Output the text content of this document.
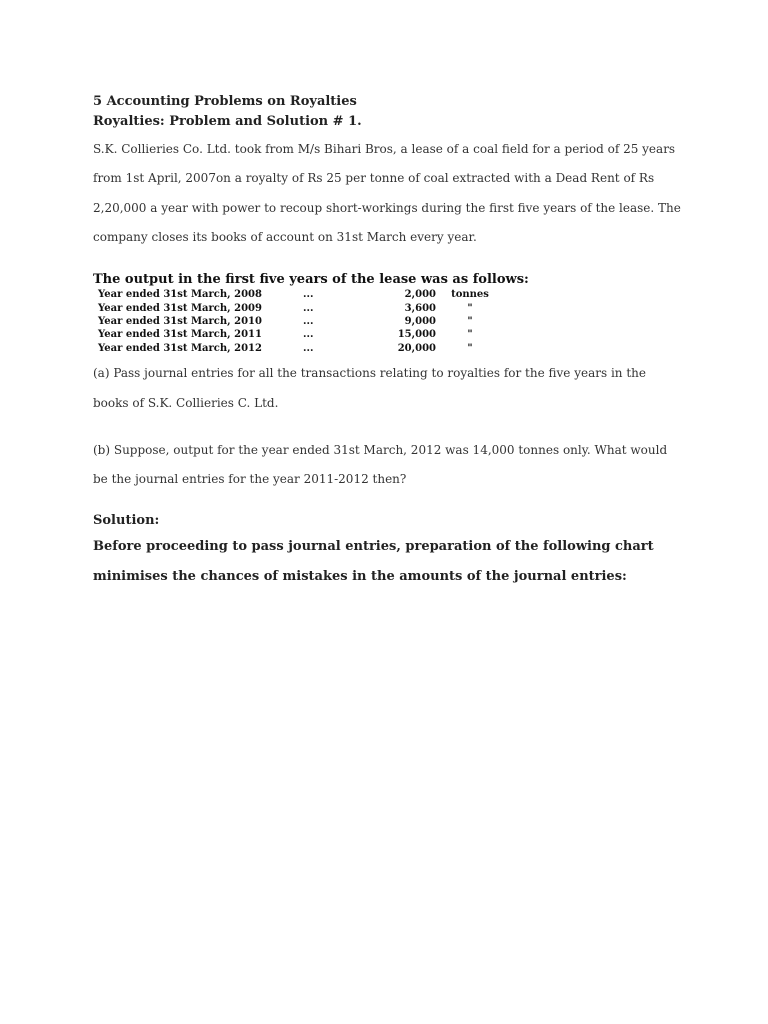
5 Accounting Problems on Royalties

Royalties: Problem and Solution # 1.

S.K. Collieries Co. Ltd. took from M/s Bihari Bros, a lease of a coal field for a period of 25 years from 1st April, 2007on a royalty of Rs 25 per tonne of coal extracted with a Dead Rent of Rs 2,20,000 a year with power to recoup short-workings during the first five years of the lease. The company closes its books of account on 31st March every year.

The output in the first five years of the lease was as follows:

Year ended 31st March, 2008	...	2,000	tonnes
Year ended 31st March, 2009	...	3,600	"
Year ended 31st March, 2010	...	9,000	"
Year ended 31st March, 2011	...	15,000	"
Year ended 31st March, 2012	...	20,000	"

(a) Pass journal entries for all the transactions relating to royalties for the five years in the books of S.K. Collieries C. Ltd.

(b) Suppose, output for the year ended 31st March, 2012 was 14,000 tonnes only. What would be the journal entries for the year 2011-2012 then?

Solution:

Before proceeding to pass journal entries, preparation of the following chart minimises the chances of mistakes in the amounts of the journal entries:
